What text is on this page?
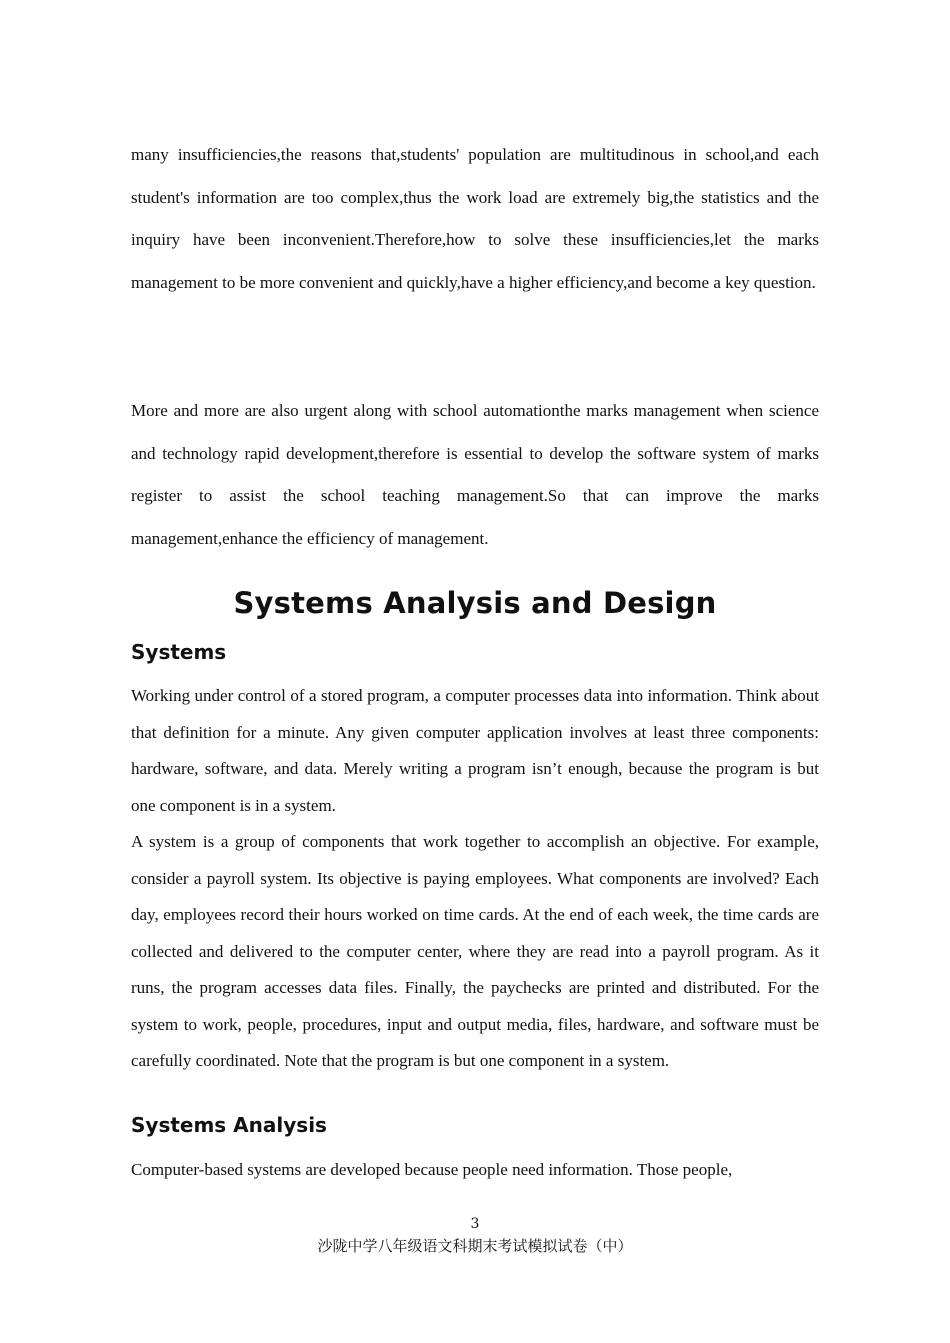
many insufficiencies,the reasons that,students' population are multitudinous in school,and each student's information are too complex,thus the work load are extremely big,the statistics and the inquiry have been inconvenient.Therefore,how to solve these insufficiencies,let the marks management to be more convenient and quickly,have a higher efficiency,and become a key question.

More and more are also urgent along with school automationthe marks management when science and technology rapid development,therefore is essential to develop the software system of marks register to assist the school teaching management.So that can improve the marks management,enhance the efficiency of management.

Systems Analysis and Design
Systems

Working under control of a stored program, a computer processes data into information. Think about that definition for a minute. Any given computer application involves at least three components: hardware, software, and data. Merely writing a program isn’t enough, because the program is but one component is in a system.

A system is a group of components that work together to accomplish an objective. For example, consider a payroll system. Its objective is paying employees. What components are involved? Each day, employees record their hours worked on time cards. At the end of each week, the time cards are collected and delivered to the computer center, where they are read into a payroll program. As it runs, the program accesses data files. Finally, the paychecks are printed and distributed. For the system to work, people, procedures, input and output media, files, hardware, and software must be carefully coordinated. Note that the program is but one component in a system.

Systems Analysis

Computer-based systems are developed because people need information. Those people,

3
沙陇中学八年级语文科期末考试模拟试卷（中）
